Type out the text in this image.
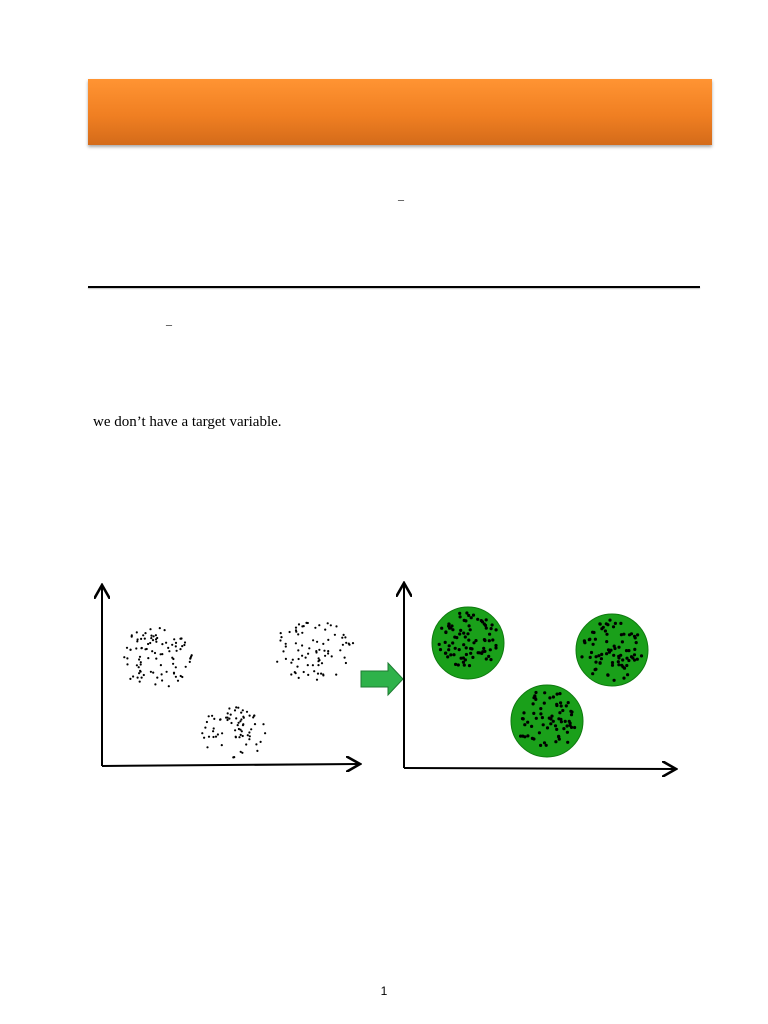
–
–
we don’t have a target variable.
1
